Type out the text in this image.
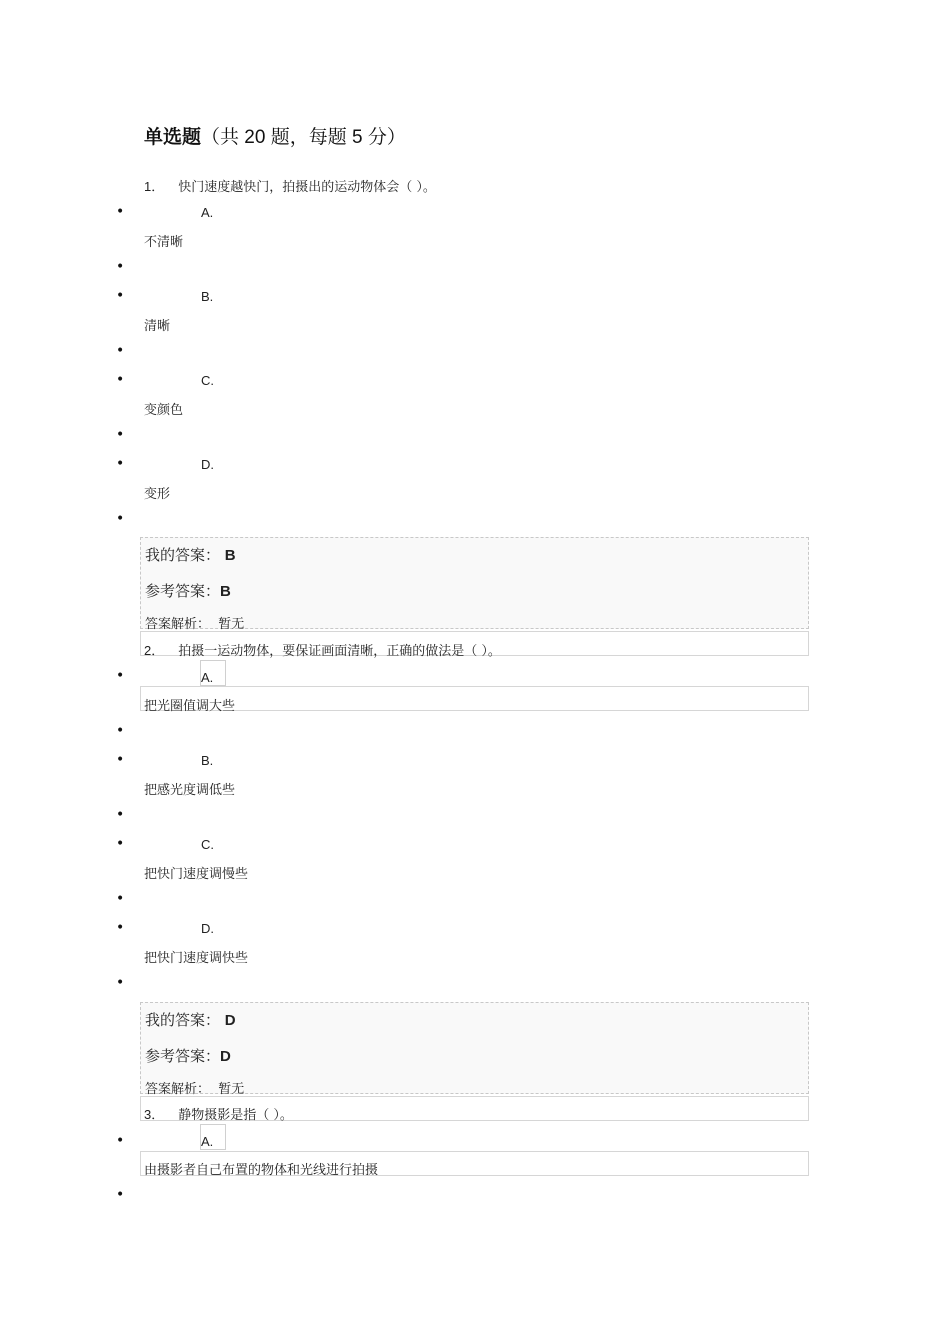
单选题（共 20 题，每题 5 分）
1． 快门速度越快门，拍摄出的运动物体会（ ）。
•	A.
不清晰
•
•	B.
清晰
•
•	C.
变颜色
•
•	D.
变形
•
我的答案： B
参考答案：B
答案解析： 暂无
2． 拍摄一运动物体，要保证画面清晰，正确的做法是（ ）。
•	A.
把光圈值调大些
•
•	B.
把感光度调低些
•
•	C.
把快门速度调慢些
•
•	D.
把快门速度调快些
•
我的答案： D
参考答案：D
答案解析： 暂无
3． 静物摄影是指（ ）。
•	A.
由摄影者自己布置的物体和光线进行拍摄
•
